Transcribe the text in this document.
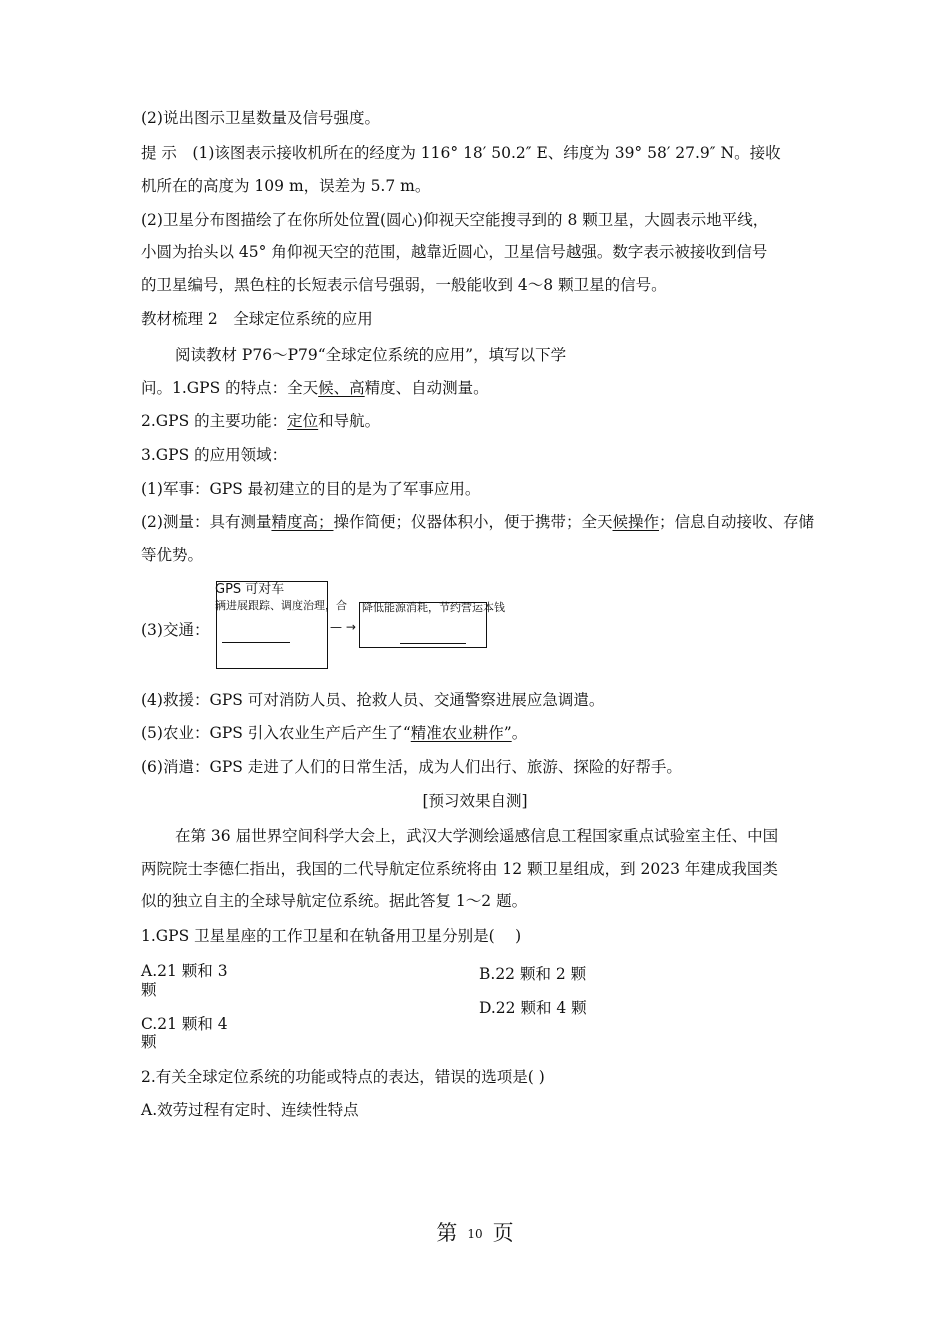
(2)说出图示卫星数量及信号强度。
提 示　(1)该图表示接收机所在的经度为 116° 18′ 50.2″ E、纬度为 39° 58′ 27.9″ N。接收
机所在的高度为 109 m，误差为 5.7 m。
(2)卫星分布图描绘了在你所处位置(圆心)仰视天空能搜寻到的 8 颗卫星，大圆表示地平线，
小圆为抬头以 45° 角仰视天空的范围，越靠近圆心，卫星信号越强。数字表示被接收到信号
的卫星编号，黑色柱的长短表示信号强弱，一般能收到 4～8 颗卫星的信号。
教材梳理 2　全球定位系统的应用
阅读教材 P76～P79“全球定位系统的应用”，填写以下学
问。1.GPS 的特点：全天候、高精度、自动测量。
2.GPS 的主要功能：定位和导航。
3.GPS 的应用领域：
(1)军事：GPS 最初建立的目的是为了军事应用。
(2)测量：具有测量精度高；操作简便；仪器体积小，便于携带；全天候操作；信息自动接收、存储
等优势。
(3)交通：
GPS 可对车
辆进展跟踪、调度治理，合
— →
降低能源消耗，节约营运本钱
(4)救援：GPS 可对消防人员、抢救人员、交通警察进展应急调遣。
(5)农业：GPS 引入农业生产后产生了“精准农业耕作”。
(6)消遣：GPS 走进了人们的日常生活，成为人们出行、旅游、探险的好帮手。
[预习效果自测]
在第 36 届世界空间科学大会上，武汉大学测绘遥感信息工程国家重点试验室主任、中国
两院院士李德仁指出，我国的二代导航定位系统将由 12 颗卫星组成，到 2023 年建成我国类
似的独立自主的全球导航定位系统。据此答复 1～2 题。
1.GPS 卫星星座的工作卫星和在轨备用卫星分别是(　 )
A.21 颗和 3
颗
B.22 颗和 2 颗
D.22 颗和 4 颗
C.21 颗和 4
颗
2.有关全球定位系统的功能或特点的表达，错误的选项是( )
A.效劳过程有定时、连续性特点
第 10 页
